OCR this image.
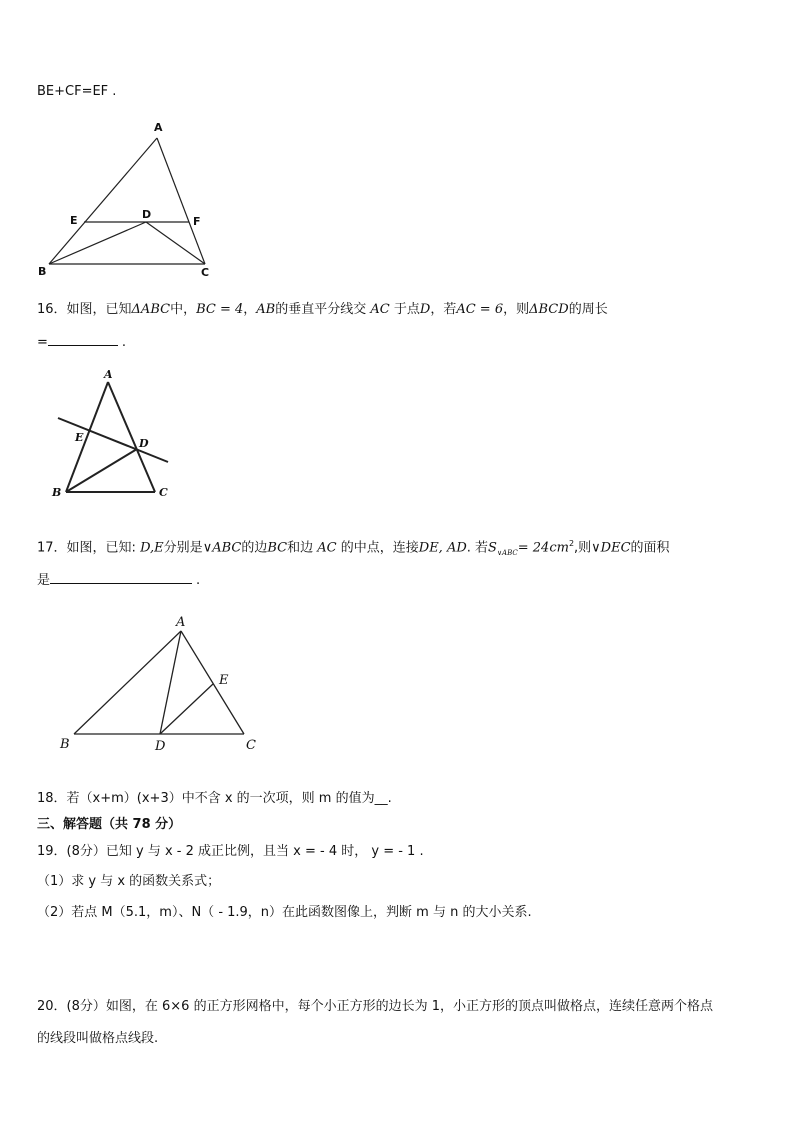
BE+CF=EF .
A
B	C
D
E	F
16．如图，已知ΔABC中，BC = 4，AB的垂直平分线交 AC 于点D，若AC = 6，则ΔBCD的周长
=	.
A
B	C
D
E
17．如图，已知: D,E分别是∨ABC的边BC和边 AC 的中点，连接DE, AD. 若$S_{\vee ABC}= 24cm^2$,则∨DEC的面积
是	.
A
B	C
D
E
18．若（x+m）(x+3）中不含 x 的一次项，则 m 的值为__.
三、解答题（共 78 分）
19．(8分）已知 y 与 x - 2 成正比例，且当 x = - 4 时， y = - 1 .
（1）求 y 与 x 的函数关系式；
（2）若点 M（5.1，m）、N（ - 1.9，n）在此函数图像上，判断 m 与 n 的大小关系.
20．(8分）如图，在 6×6 的正方形网格中，每个小正方形的边长为 1，小正方形的顶点叫做格点，连续任意两个格点
的线段叫做格点线段.
